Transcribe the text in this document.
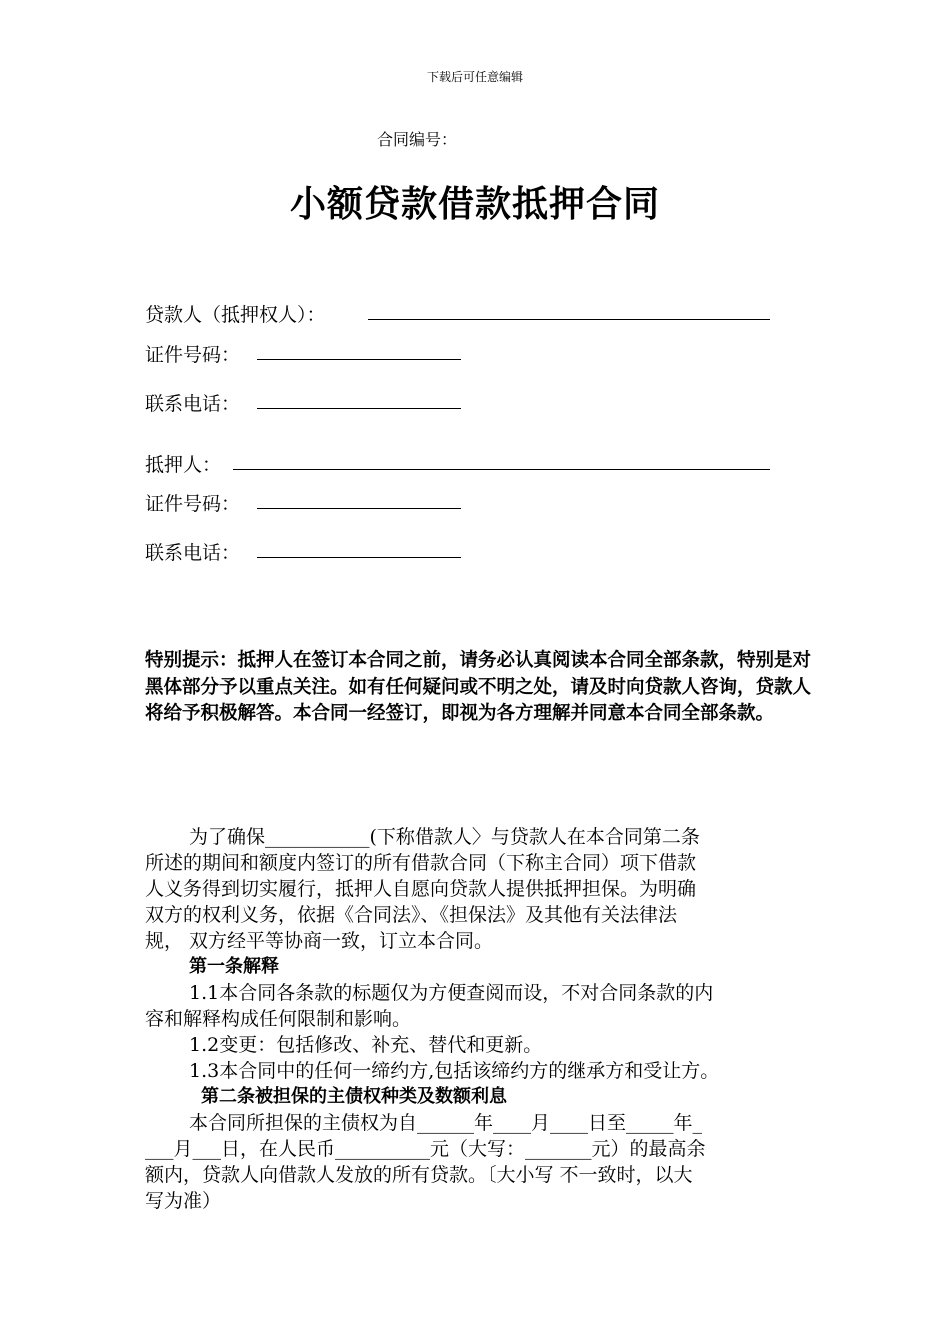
下载后可任意编辑
合同编号：
小额贷款借款抵押合同
贷款人（抵押权人）：
证件号码：
联系电话：
抵押人：
证件号码：
联系电话：
特别提示：抵押人在签订本合同之前，请务必认真阅读本合同全部条款，特别是对黑体部分予以重点关注。如有任何疑问或不明之处，请及时向贷款人咨询，贷款人将给予积极解答。本合同一经签订，即视为各方理解并同意本合同全部条款。
为了确保___________(下称借款人〉与贷款人在本合同第二条
所述的期间和额度内签订的所有借款合同（下称主合同）项下借款
人义务得到切实履行，抵押人自愿向贷款人提供抵押担保。为明确
双方的权利义务，依据《合同法》、《担保法》及其他有关法律法
规， 双方经平等协商一致，订立本合同。
第一条解释
1.1本合同各条款的标题仅为方便查阅而设，不对合同条款的内
容和解释构成任何限制和影响。
1.2变更：包括修改、补充、替代和更新。
1.3本合同中的任何一缔约方,包括该缔约方的继承方和受让方。
第二条被担保的主债权种类及数额利息
本合同所担保的主债权为自______年____月____日至_____年_
___月___日，在人民币__________元（大写：_______元）的最高余
额内，贷款人向借款人发放的所有贷款。〔大小写 不一致时，以大
写为准）
